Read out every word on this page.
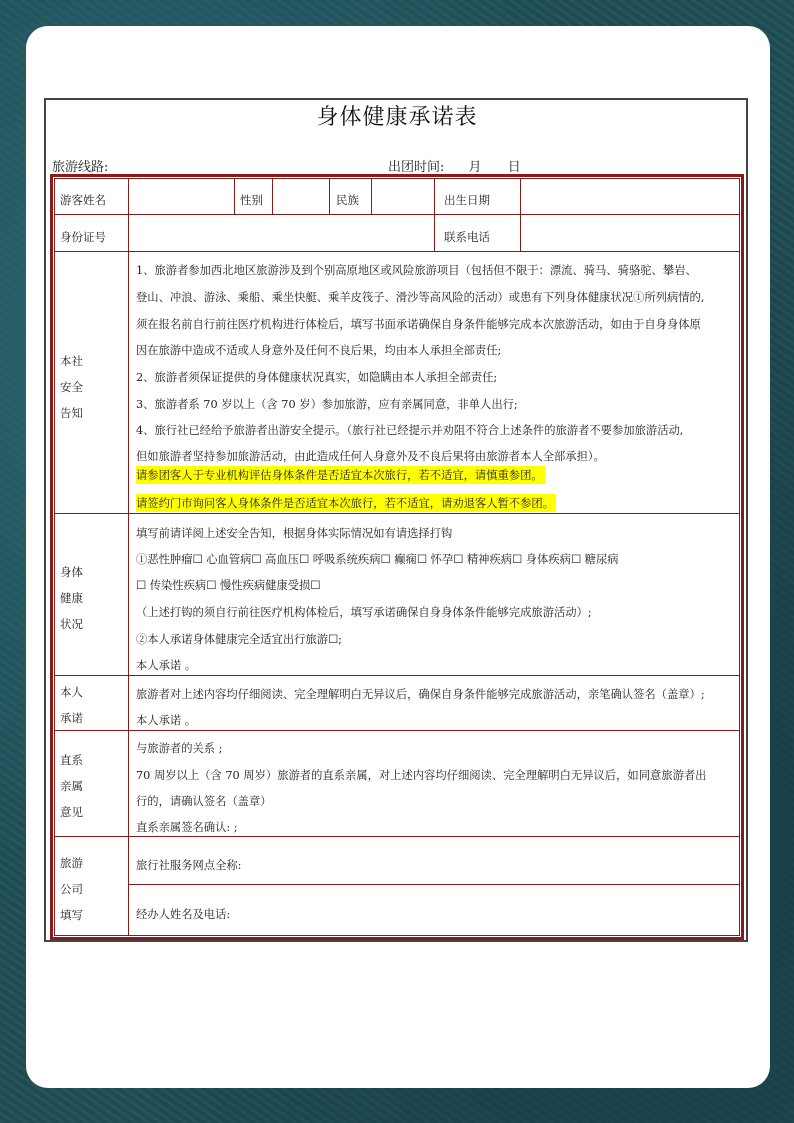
身体健康承诺表
旅游线路:	出团时间: 月 日
游客姓名	性别	民族	出生日期
身份证号	联系电话
本社
安全
告知
1、旅游者参加西北地区旅游涉及到个别高原地区或风险旅游项目（包括但不限于：漂流、骑马、骑骆驼、攀岩、
登山、冲浪、游泳、乘船、乘坐快艇、乘羊皮筏子、滑沙等高风险的活动）或患有下列身体健康状况①所列病情的,
须在报名前自行前往医疗机构进行体检后，填写书面承诺确保自身条件能够完成本次旅游活动，如由于自身身体原
因在旅游中造成不适或人身意外及任何不良后果，均由本人承担全部责任;
2、旅游者须保证提供的身体健康状况真实，如隐瞒由本人承担全部责任;
3、旅游者系 70 岁以上（含 70 岁）参加旅游，应有亲属同意，非单人出行;
4、旅行社已经给予旅游者出游安全提示。（旅行社已经提示并劝阻不符合上述条件的旅游者不要参加旅游活动,
但如旅游者坚持参加旅游活动，由此造成任何人身意外及不良后果将由旅游者本人全部承担）。
请参团客人于专业机构评估身体条件是否适宜本次旅行，若不适宜，请慎重参团。
请签约门市询问客人身体条件是否适宜本次旅行，若不适宜，请劝退客人暂不参团。
身体
健康
状况
填写前请详阅上述安全告知，根据身体实际情况如有请选择打钩
①恶性肿瘤☐ 心血管病☐ 高血压☐ 呼吸系统疾病☐ 癫痫☐ 怀孕☐ 精神疾病☐ 身体疾病☐ 糖尿病
☐ 传染性疾病☐ 慢性疾病健康受损☐
（上述打钩的须自行前往医疗机构体检后，填写承诺确保自身身体条件能够完成旅游活动）;
②本人承诺身体健康完全适宜出行旅游☐;
本人承诺 。
本人
承诺
旅游者对上述内容均仔细阅读、完全理解明白无异议后，确保自身条件能够完成旅游活动，亲笔确认签名（盖章）;
本人承诺 。
直系
亲属
意见
与旅游者的关系 ;
70 周岁以上（含 70 周岁）旅游者的直系亲属，对上述内容均仔细阅读、完全理解明白无异议后，如同意旅游者出
行的，请确认签名（盖章）
直系亲属签名确认: ;
旅游
公司
填写
旅行社服务网点全称:
经办人姓名及电话:
